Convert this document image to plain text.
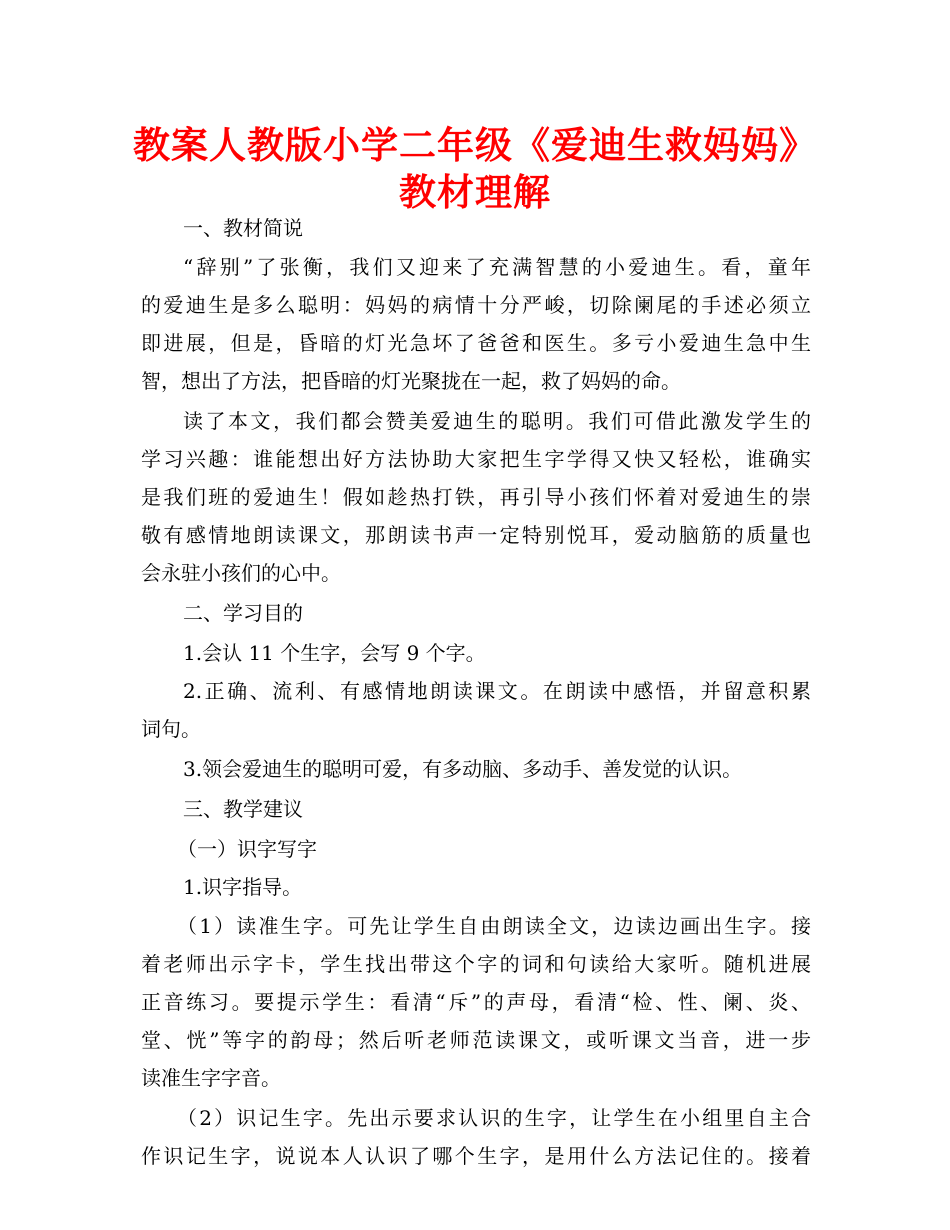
教案人教版小学二年级《爱迪生救妈妈》
教材理解
一、教材简说
“辞别”了张衡，我们又迎来了充满智慧的小爱迪生。看，童年
的爱迪生是多么聪明：妈妈的病情十分严峻，切除阑尾的手述必须立
即进展，但是，昏暗的灯光急坏了爸爸和医生。多亏小爱迪生急中生
智，想出了方法，把昏暗的灯光聚拢在一起，救了妈妈的命。
读了本文，我们都会赞美爱迪生的聪明。我们可借此激发学生的
学习兴趣：谁能想出好方法协助大家把生字学得又快又轻松，谁确实
是我们班的爱迪生！假如趁热打铁，再引导小孩们怀着对爱迪生的崇
敬有感情地朗读课文，那朗读书声一定特别悦耳，爱动脑筋的质量也
会永驻小孩们的心中。
二、学习目的
1.会认 11 个生字，会写 9 个字。
2.正确、流利、有感情地朗读课文。在朗读中感悟，并留意积累
词句。
3.领会爱迪生的聪明可爱，有多动脑、多动手、善发觉的认识。
三、教学建议
（一）识字写字
1.识字指导。
（1）读准生字。可先让学生自由朗读全文，边读边画出生字。接
着老师出示字卡，学生找出带这个字的词和句读给大家听。随机进展
正音练习。要提示学生：看清“斥”的声母，看清“检、性、阑、炎、
堂、恍”等字的韵母；然后听老师范读课文，或听课文当音，进一步
读准生字字音。
（2）识记生字。先出示要求认识的生字，让学生在小组里自主合
作识记生字，说说本人认识了哪个生字，是用什么方法记住的。接着
